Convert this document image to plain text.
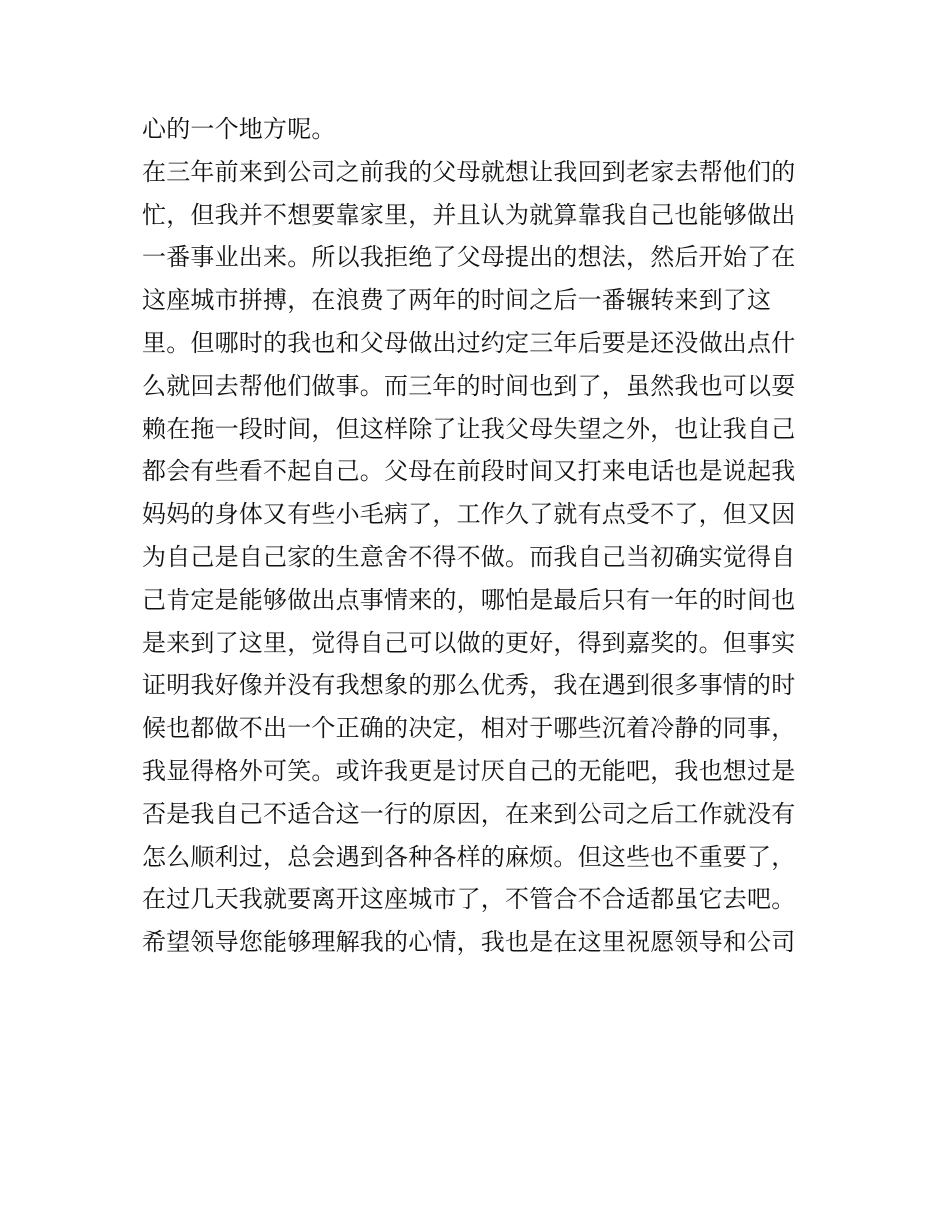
心的一个地方呢。
在三年前来到公司之前我的父母就想让我回到老家去帮他们的
忙，但我并不想要靠家里，并且认为就算靠我自己也能够做出
一番事业出来。所以我拒绝了父母提出的想法，然后开始了在
这座城市拼搏，在浪费了两年的时间之后一番辗转来到了这
里。但哪时的我也和父母做出过约定三年后要是还没做出点什
么就回去帮他们做事。而三年的时间也到了，虽然我也可以耍
赖在拖一段时间，但这样除了让我父母失望之外，也让我自己
都会有些看不起自己。父母在前段时间又打来电话也是说起我
妈妈的身体又有些小毛病了，工作久了就有点受不了，但又因
为自己是自己家的生意舍不得不做。而我自己当初确实觉得自
己肯定是能够做出点事情来的，哪怕是最后只有一年的时间也
是来到了这里，觉得自己可以做的更好，得到嘉奖的。但事实
证明我好像并没有我想象的那么优秀，我在遇到很多事情的时
候也都做不出一个正确的决定，相对于哪些沉着冷静的同事，
我显得格外可笑。或许我更是讨厌自己的无能吧，我也想过是
否是我自己不适合这一行的原因，在来到公司之后工作就没有
怎么顺利过，总会遇到各种各样的麻烦。但这些也不重要了，
在过几天我就要离开这座城市了，不管合不合适都虽它去吧。
希望领导您能够理解我的心情，我也是在这里祝愿领导和公司
